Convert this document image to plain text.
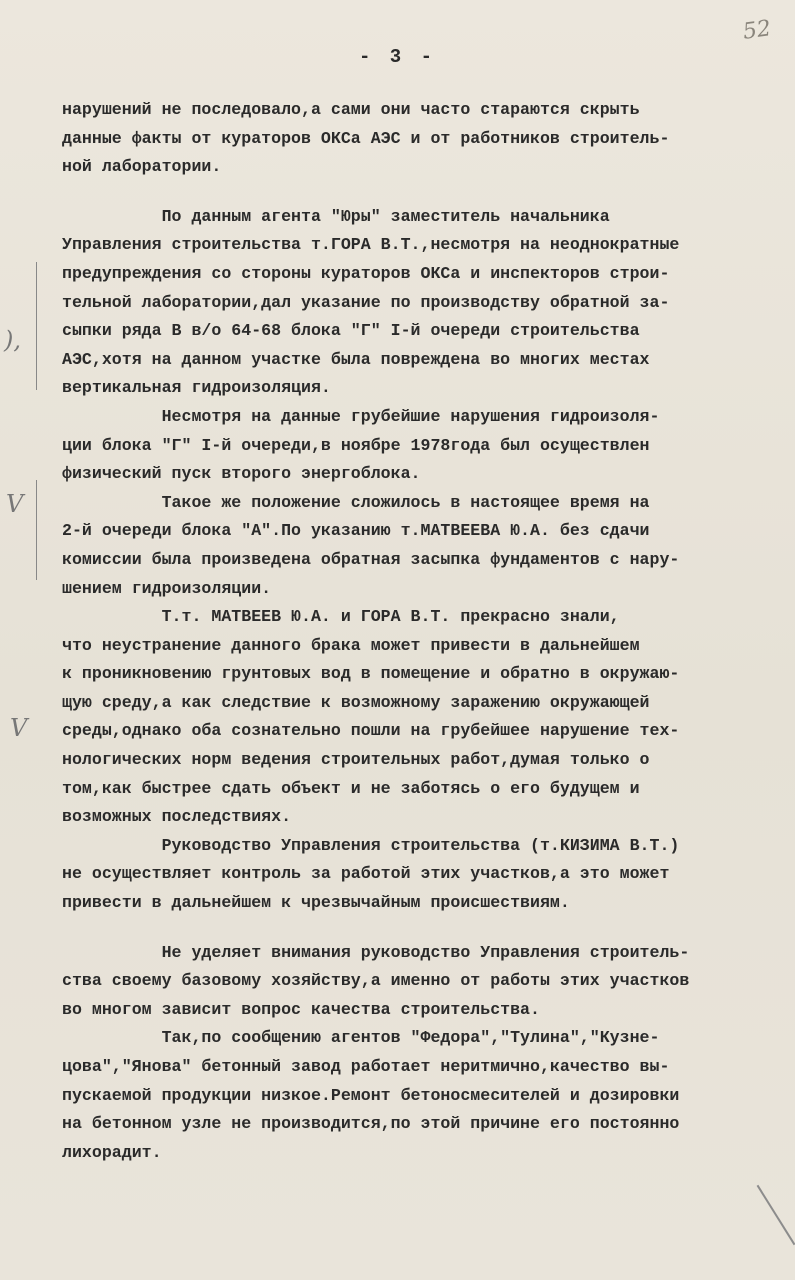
52
- 3 -
),
V
V
нарушений не последовало,а сами они часто стараются скрыть
данные факты от кураторов ОКСа АЭС и от работников строитель-
ной лаборатории.
По данным агента "Юры" заместитель начальника
Управления строительства т.ГОРА В.Т.,несмотря на неоднократные
предупреждения со стороны кураторов ОКСа и инспекторов строи-
тельной лаборатории,дал указание по производству обратной за-
сыпки ряда В в/о 64-68 блока "Г" I-й очереди строительства
АЭС,хотя на данном участке была повреждена во многих местах
вертикальная гидроизоляция.
Несмотря на данные грубейшие нарушения гидроизоля-
ции блока "Г" I-й очереди,в ноябре 1978года был осуществлен
физический пуск второго энергоблока.
Такое же положение сложилось в настоящее время на
2-й очереди блока "А".По указанию т.МАТВЕЕВА Ю.А. без сдачи
комиссии была произведена обратная засыпка фундаментов с нару-
шением гидроизоляции.
Т.т. МАТВЕЕВ Ю.А. и ГОРА В.Т. прекрасно знали,
что неустранение данного брака может привести в дальнейшем
к проникновению грунтовых вод в помещение и обратно в окружаю-
щую среду,а как следствие к возможному заражению окружающей
среды,однако оба сознательно пошли на грубейшее нарушение тех-
нологических норм ведения строительных работ,думая только о
том,как быстрее сдать объект и не заботясь о его будущем и
возможных последствиях.
Руководство Управления строительства (т.КИЗИМА В.Т.)
не осуществляет контроль за работой этих участков,а это может
привести в дальнейшем к чрезвычайным происшествиям.
Не уделяет внимания руководство Управления строитель-
ства своему базовому хозяйству,а именно от работы этих участков
во многом зависит вопрос качества строительства.
Так,по сообщению агентов "Федора","Тулина","Кузне-
цова","Янова" бетонный завод работает неритмично,качество вы-
пускаемой продукции низкое.Ремонт бетоносмесителей и дозировки
на бетонном узле не производится,по этой причине его постоянно
лихорадит.
